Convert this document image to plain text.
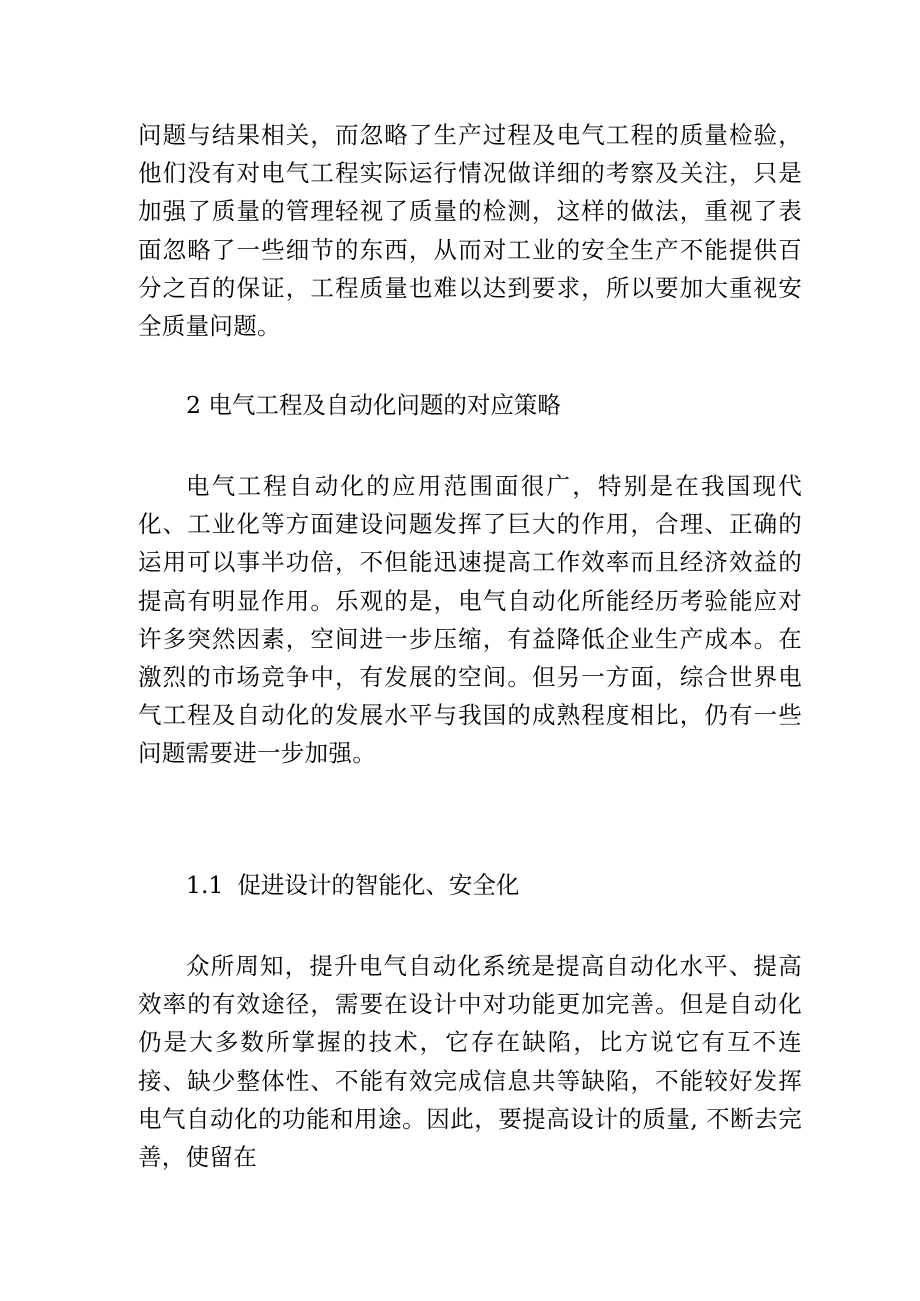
问题与结果相关，而忽略了生产过程及电气工程的质量检验，他们没有对电气工程实际运行情况做详细的考察及关注，只是加强了质量的管理轻视了质量的检测，这样的做法，重视了表面忽略了一些细节的东西，从而对工业的安全生产不能提供百分之百的保证，工程质量也难以达到要求，所以要加大重视安全质量问题。

2 电气工程及自动化问题的对应策略

电气工程自动化的应用范围面很广，特别是在我国现代化、工业化等方面建设问题发挥了巨大的作用，合理、正确的运用可以事半功倍，不但能迅速提高工作效率而且经济效益的提高有明显作用。乐观的是，电气自动化所能经历考验能应对许多突然因素，空间进一步压缩，有益降低企业生产成本。在激烈的市场竞争中，有发展的空间。但另一方面，综合世界电气工程及自动化的发展水平与我国的成熟程度相比，仍有一些问题需要进一步加强。

1.1 促进设计的智能化、安全化

众所周知，提升电气自动化系统是提高自动化水平、提高效率的有效途径，需要在设计中对功能更加完善。但是自动化仍是大多数所掌握的技术，它存在缺陷，比方说它有互不连接、缺少整体性、不能有效完成信息共等缺陷，不能较好发挥电气自动化的功能和用途。因此，要提高设计的质量, 不断去完善，使留在
